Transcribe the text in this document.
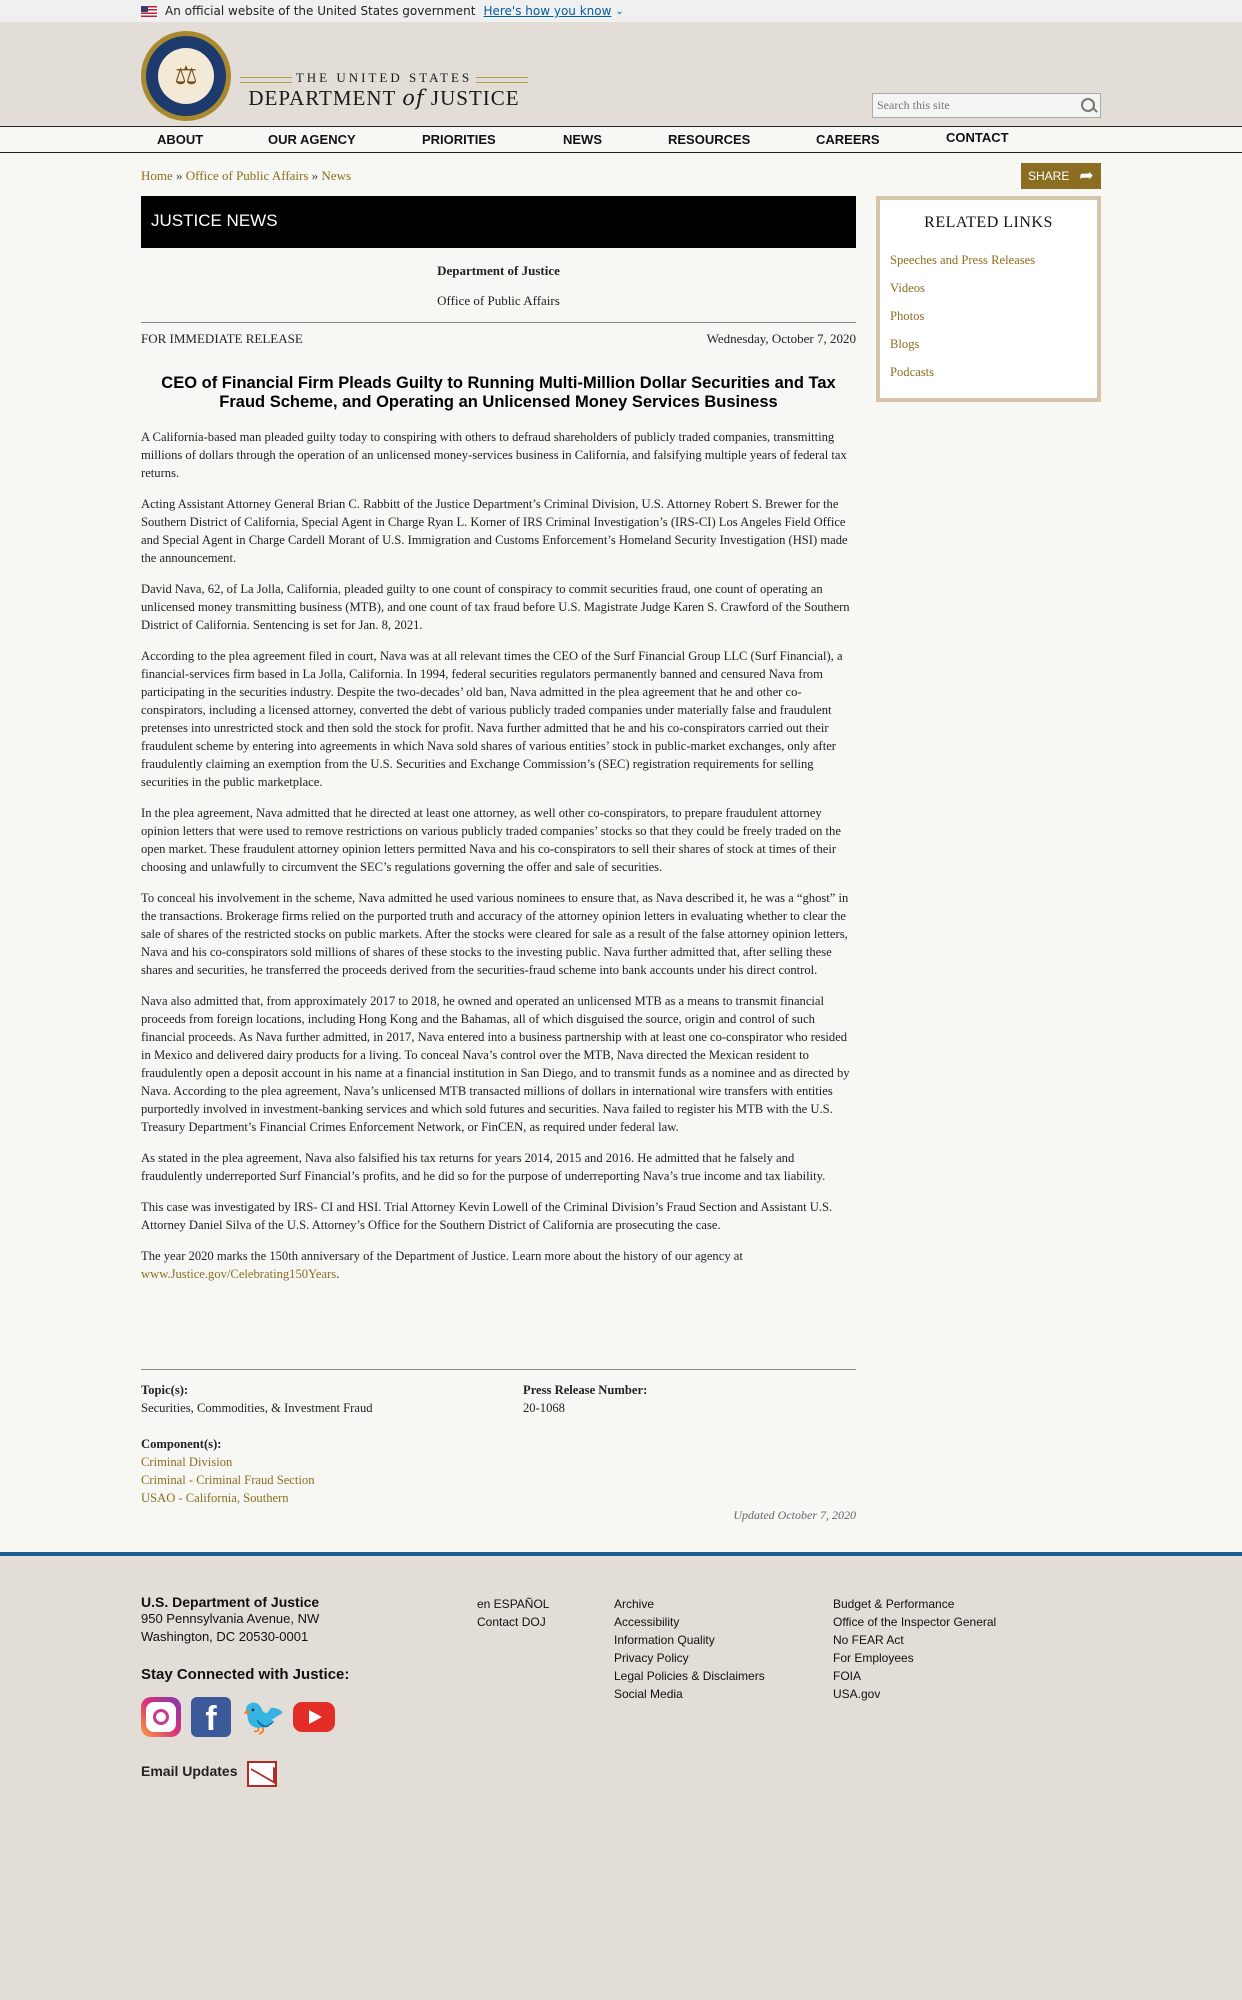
An official website of the United States government Here's how you know ⌄
⚖	THE UNITED STATES
DEPARTMENT of JUSTICE
Search this site
ABOUT	OUR AGENCY	PRIORITIES	NEWS	RESOURCES	CAREERS	CONTACT
Home » Office of Public Affairs » News	SHARE ➦
JUSTICE NEWS
Department of Justice
Office of Public Affairs
FOR IMMEDIATE RELEASE	Wednesday, October 7, 2020
CEO of Financial Firm Pleads Guilty to Running Multi-Million Dollar Securities and Tax Fraud Scheme, and Operating an Unlicensed Money Services Business

A California-based man pleaded guilty today to conspiring with others to defraud shareholders of publicly traded companies, transmitting millions of dollars through the operation of an unlicensed money-services business in California, and falsifying multiple years of federal tax returns.

Acting Assistant Attorney General Brian C. Rabbitt of the Justice Department’s Criminal Division, U.S. Attorney Robert S. Brewer for the Southern District of California, Special Agent in Charge Ryan L. Korner of IRS Criminal Investigation’s (IRS-CI) Los Angeles Field Office and Special Agent in Charge Cardell Morant of U.S. Immigration and Customs Enforcement’s Homeland Security Investigation (HSI) made the announcement.

David Nava, 62, of La Jolla, California, pleaded guilty to one count of conspiracy to commit securities fraud, one count of operating an unlicensed money transmitting business (MTB), and one count of tax fraud before U.S. Magistrate Judge Karen S. Crawford of the Southern District of California. Sentencing is set for Jan. 8, 2021.

According to the plea agreement filed in court, Nava was at all relevant times the CEO of the Surf Financial Group LLC (Surf Financial), a financial-services firm based in La Jolla, California. In 1994, federal securities regulators permanently banned and censured Nava from participating in the securities industry. Despite the two-decades’ old ban, Nava admitted in the plea agreement that he and other co-conspirators, including a licensed attorney, converted the debt of various publicly traded companies under materially false and fraudulent pretenses into unrestricted stock and then sold the stock for profit. Nava further admitted that he and his co-conspirators carried out their fraudulent scheme by entering into agreements in which Nava sold shares of various entities’ stock in public-market exchanges, only after fraudulently claiming an exemption from the U.S. Securities and Exchange Commission’s (SEC) registration requirements for selling securities in the public marketplace.

In the plea agreement, Nava admitted that he directed at least one attorney, as well other co-conspirators, to prepare fraudulent attorney opinion letters that were used to remove restrictions on various publicly traded companies’ stocks so that they could be freely traded on the open market. These fraudulent attorney opinion letters permitted Nava and his co-conspirators to sell their shares of stock at times of their choosing and unlawfully to circumvent the SEC’s regulations governing the offer and sale of securities.

To conceal his involvement in the scheme, Nava admitted he used various nominees to ensure that, as Nava described it, he was a “ghost” in the transactions. Brokerage firms relied on the purported truth and accuracy of the attorney opinion letters in evaluating whether to clear the sale of shares of the restricted stocks on public markets. After the stocks were cleared for sale as a result of the false attorney opinion letters, Nava and his co-conspirators sold millions of shares of these stocks to the investing public. Nava further admitted that, after selling these shares and securities, he transferred the proceeds derived from the securities-fraud scheme into bank accounts under his direct control.

Nava also admitted that, from approximately 2017 to 2018, he owned and operated an unlicensed MTB as a means to transmit financial proceeds from foreign locations, including Hong Kong and the Bahamas, all of which disguised the source, origin and control of such financial proceeds. As Nava further admitted, in 2017, Nava entered into a business partnership with at least one co-conspirator who resided in Mexico and delivered dairy products for a living. To conceal Nava’s control over the MTB, Nava directed the Mexican resident to fraudulently open a deposit account in his name at a financial institution in San Diego, and to transmit funds as a nominee and as directed by Nava. According to the plea agreement, Nava’s unlicensed MTB transacted millions of dollars in international wire transfers with entities purportedly involved in investment-banking services and which sold futures and securities. Nava failed to register his MTB with the U.S. Treasury Department’s Financial Crimes Enforcement Network, or FinCEN, as required under federal law.

As stated in the plea agreement, Nava also falsified his tax returns for years 2014, 2015 and 2016. He admitted that he falsely and fraudulently underreported Surf Financial’s profits, and he did so for the purpose of underreporting Nava’s true income and tax liability.

This case was investigated by IRS- CI and HSI. Trial Attorney Kevin Lowell of the Criminal Division’s Fraud Section and Assistant U.S. Attorney Daniel Silva of the U.S. Attorney’s Office for the Southern District of California are prosecuting the case.

The year 2020 marks the 150th anniversary of the Department of Justice. Learn more about the history of our agency at www.Justice.gov/Celebrating150Years.

Topic(s):
Securities, Commodities, & Investment Fraud
Press Release Number:
20-1068
Component(s):
Criminal Division
Criminal - Criminal Fraud Section
USAO - California, Southern
Updated October 7, 2020
RELATED LINKS
Speeches and Press Releases
Videos
Photos
Blogs
Podcasts
U.S. Department of Justice
950 Pennsylvania Avenue, NW
Washington, DC 20530-0001
Stay Connected with Justice:
f 🐦
Email Updates
en ESPAÑOL
Contact DOJ
Archive
Accessibility
Information Quality
Privacy Policy
Legal Policies & Disclaimers
Social Media
Budget & Performance
Office of the Inspector General
No FEAR Act
For Employees
FOIA
USA.gov
